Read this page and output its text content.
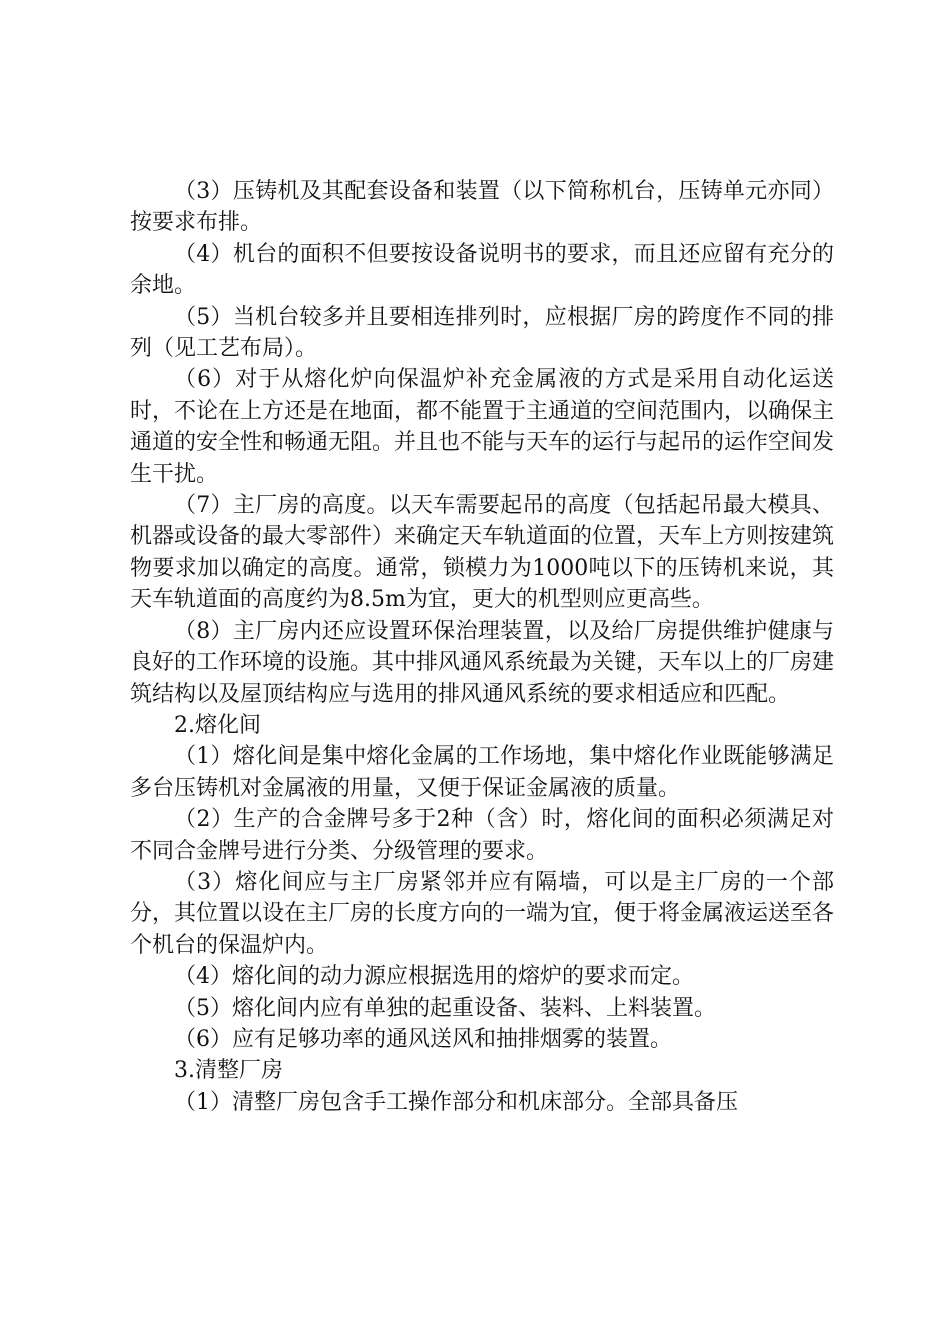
（3）压铸机及其配套设备和装置（以下简称机台，压铸单元亦同）按要求布排。

（4）机台的面积不但要按设备说明书的要求，而且还应留有充分的余地。

（5）当机台较多并且要相连排列时，应根据厂房的跨度作不同的排列（见工艺布局）。

（6）对于从熔化炉向保温炉补充金属液的方式是采用自动化运送时，不论在上方还是在地面，都不能置于主通道的空间范围内，以确保主通道的安全性和畅通无阻。并且也不能与天车的运行与起吊的运作空间发生干扰。

（7）主厂房的高度。以天车需要起吊的高度（包括起吊最大模具、机器或设备的最大零部件）来确定天车轨道面的位置，天车上方则按建筑物要求加以确定的高度。通常，锁模力为1000吨以下的压铸机来说，其天车轨道面的高度约为8.5m为宜，更大的机型则应更高些。

（8）主厂房内还应设置环保治理装置，以及给厂房提供维护健康与良好的工作环境的设施。其中排风通风系统最为关键，天车以上的厂房建筑结构以及屋顶结构应与选用的排风通风系统的要求相适应和匹配。

2.熔化间

（1）熔化间是集中熔化金属的工作场地，集中熔化作业既能够满足多台压铸机对金属液的用量，又便于保证金属液的质量。

（2）生产的合金牌号多于2种（含）时，熔化间的面积必须满足对不同合金牌号进行分类、分级管理的要求。

（3）熔化间应与主厂房紧邻并应有隔墙，可以是主厂房的一个部分，其位置以设在主厂房的长度方向的一端为宜，便于将金属液运送至各个机台的保温炉内。

（4）熔化间的动力源应根据选用的熔炉的要求而定。

（5）熔化间内应有单独的起重设备、装料、上料装置。

（6）应有足够功率的通风送风和抽排烟雾的装置。

3.清整厂房

（1）清整厂房包含手工操作部分和机床部分。全部具备压
